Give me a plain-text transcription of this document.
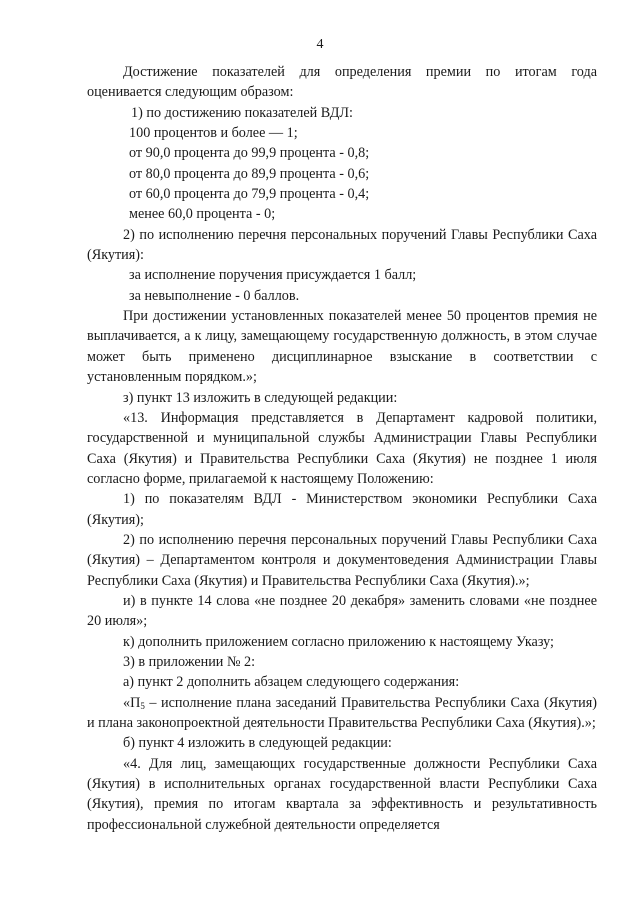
4

Достижение показателей для определения премии по итогам года оценивается следующим образом:

1) по достижению показателей ВДЛ:

100 процентов и более — 1;

от 90,0 процента до 99,9 процента - 0,8;

от 80,0 процента до 89,9 процента - 0,6;

от 60,0 процента до 79,9 процента - 0,4;

менее 60,0 процента - 0;

2) по исполнению перечня персональных поручений Главы Республики Саха (Якутия):

за исполнение поручения присуждается 1 балл;

за невыполнение - 0 баллов.

При достижении установленных показателей менее 50 процентов премия не выплачивается, а к лицу, замещающему государственную должность, в этом случае может быть применено дисциплинарное взыскание в соответствии с установленным порядком.»;

з) пункт 13 изложить в следующей редакции:

«13. Информация представляется в Департамент кадровой политики, государственной и муниципальной службы Администрации Главы Республики Саха (Якутия) и Правительства Республики Саха (Якутия) не позднее 1 июля согласно форме, прилагаемой к настоящему Положению:

1) по показателям ВДЛ - Министерством экономики Республики Саха (Якутия);

2) по исполнению перечня персональных поручений Главы Республики Саха (Якутия) – Департаментом контроля и документоведения Администрации Главы Республики Саха (Якутия) и Правительства Республики Саха (Якутия).»;

и) в пункте 14 слова «не позднее 20 декабря» заменить словами «не позднее 20 июля»;

к) дополнить приложением согласно приложению к настоящему Указу;

3) в приложении № 2:

а) пункт 2 дополнить абзацем следующего содержания:

«$П_5$ – исполнение плана заседаний Правительства Республики Саха (Якутия) и плана законопроектной деятельности Правительства Республики Саха (Якутия).»;

б) пункт 4 изложить в следующей редакции:

«4. Для лиц, замещающих государственные должности Республики Саха (Якутия) в исполнительных органах государственной власти Республики Саха (Якутия), премия по итогам квартала за эффективность и результативность профессиональной служебной деятельности определяется
